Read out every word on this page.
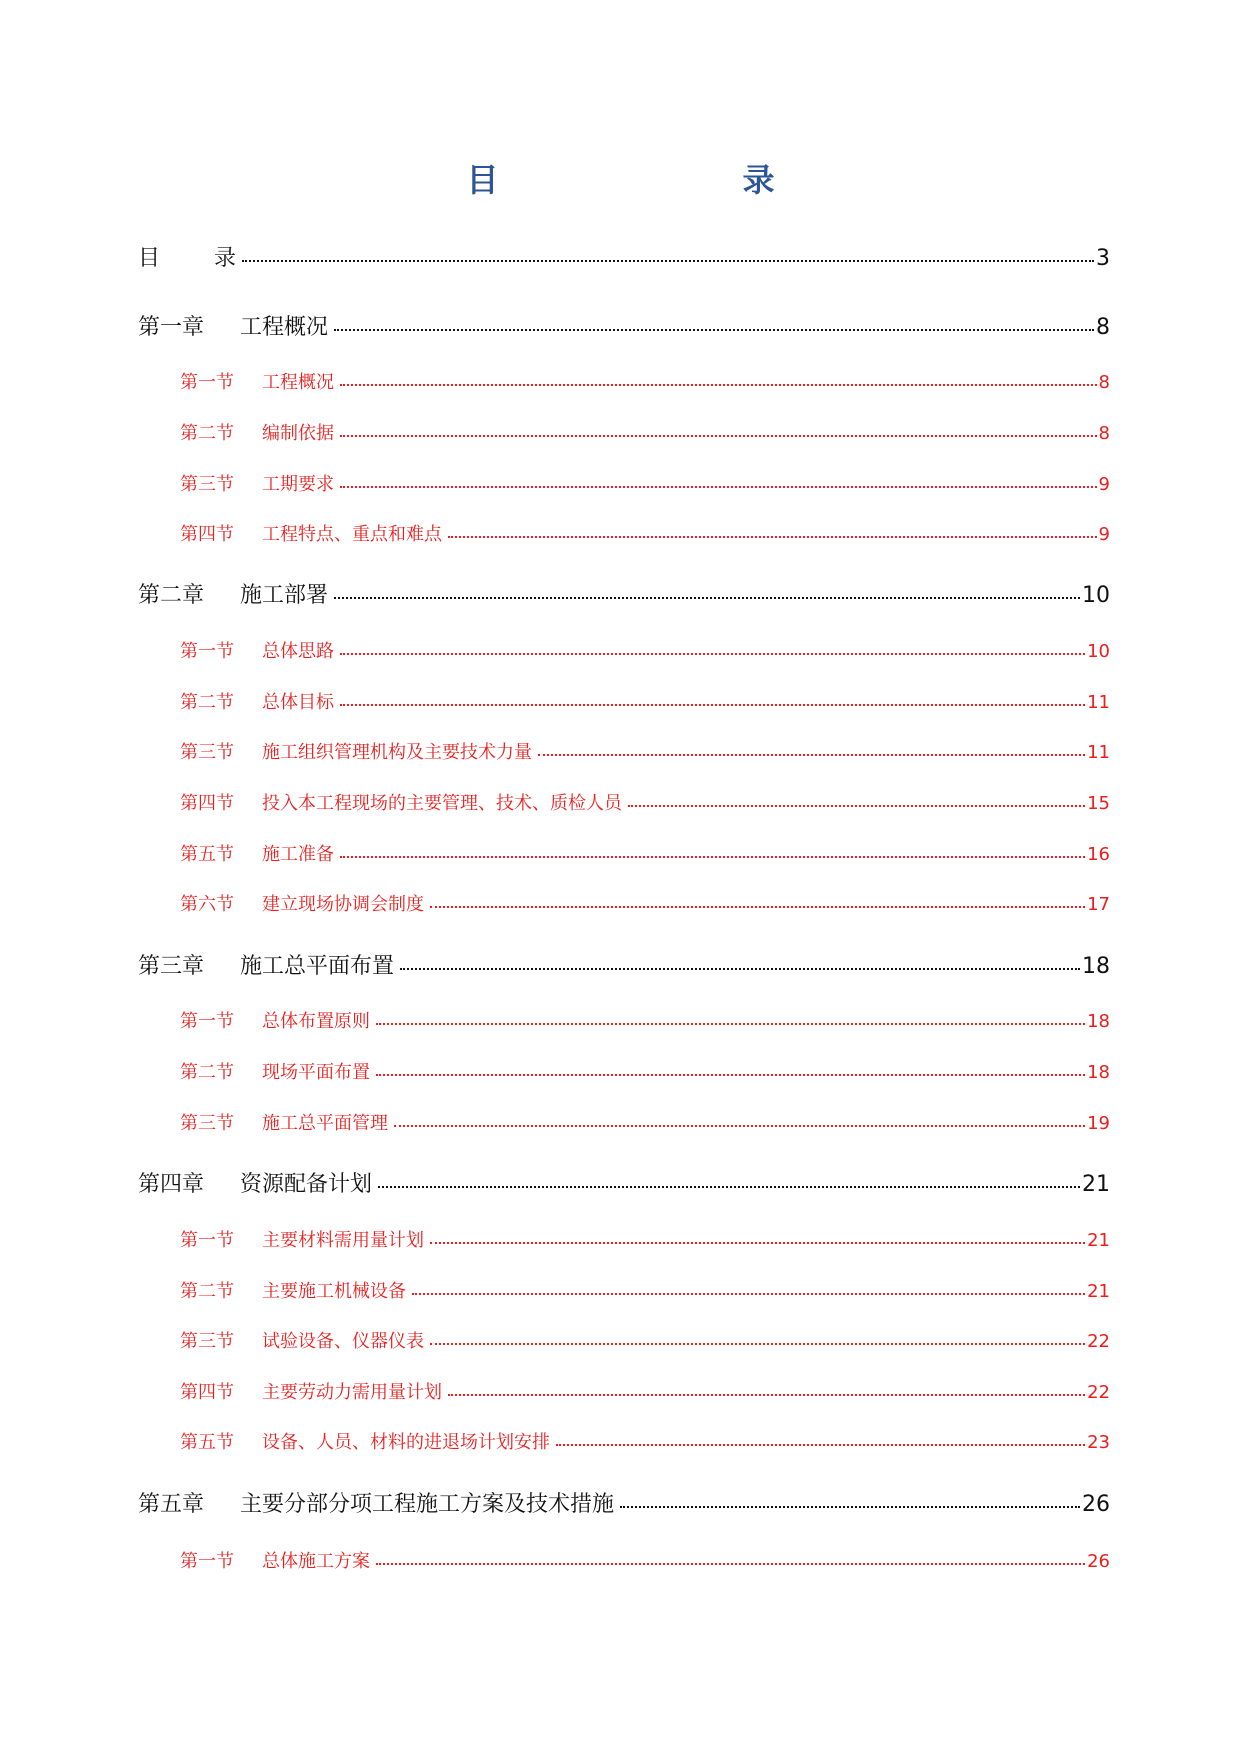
目　　录
目 录	3
第一章 工程概况	8
第一节 工程概况	8
第二节 编制依据	8
第三节 工期要求	9
第四节 工程特点、重点和难点	9
第二章 施工部署	10
第一节 总体思路	10
第二节 总体目标	11
第三节 施工组织管理机构及主要技术力量	11
第四节 投入本工程现场的主要管理、技术、质检人员	15
第五节 施工准备	16
第六节 建立现场协调会制度	17
第三章 施工总平面布置	18
第一节 总体布置原则	18
第二节 现场平面布置	18
第三节 施工总平面管理	19
第四章 资源配备计划	21
第一节 主要材料需用量计划	21
第二节 主要施工机械设备	21
第三节 试验设备、仪器仪表	22
第四节 主要劳动力需用量计划	22
第五节 设备、人员、材料的进退场计划安排	23
第五章 主要分部分项工程施工方案及技术措施	26
第一节 总体施工方案	26
